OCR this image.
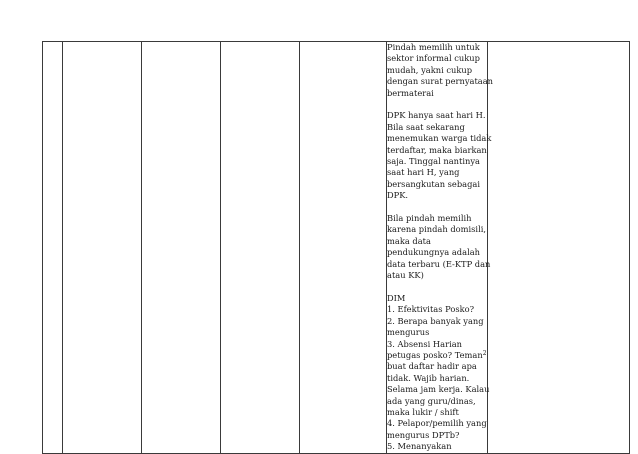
Pindah memilih untuk
sektor informal cukup
mudah, yakni cukup
dengan surat pernyataan
bermaterai
DPK hanya saat hari H.
Bila saat sekarang
menemukan warga tidak
terdaftar, maka biarkan
saja. Tinggal nantinya
saat hari H, yang
bersangkutan sebagai
DPK.
Bila pindah memilih
karena pindah domisili,
maka data
pendukungnya adalah
data terbaru (E-KTP dan
atau KK)
DIM
1. Efektivitas Posko?
2. Berapa banyak yang
mengurus
3. Absensi Harian
petugas posko? Teman$^2$
buat daftar hadir apa
tidak. Wajib harian.
Selama jam kerja. Kalau
ada yang guru/dinas,
maka lukir / shift
4. Pelapor/pemilih yang
mengurus DPTb?
5. Menanyakan
